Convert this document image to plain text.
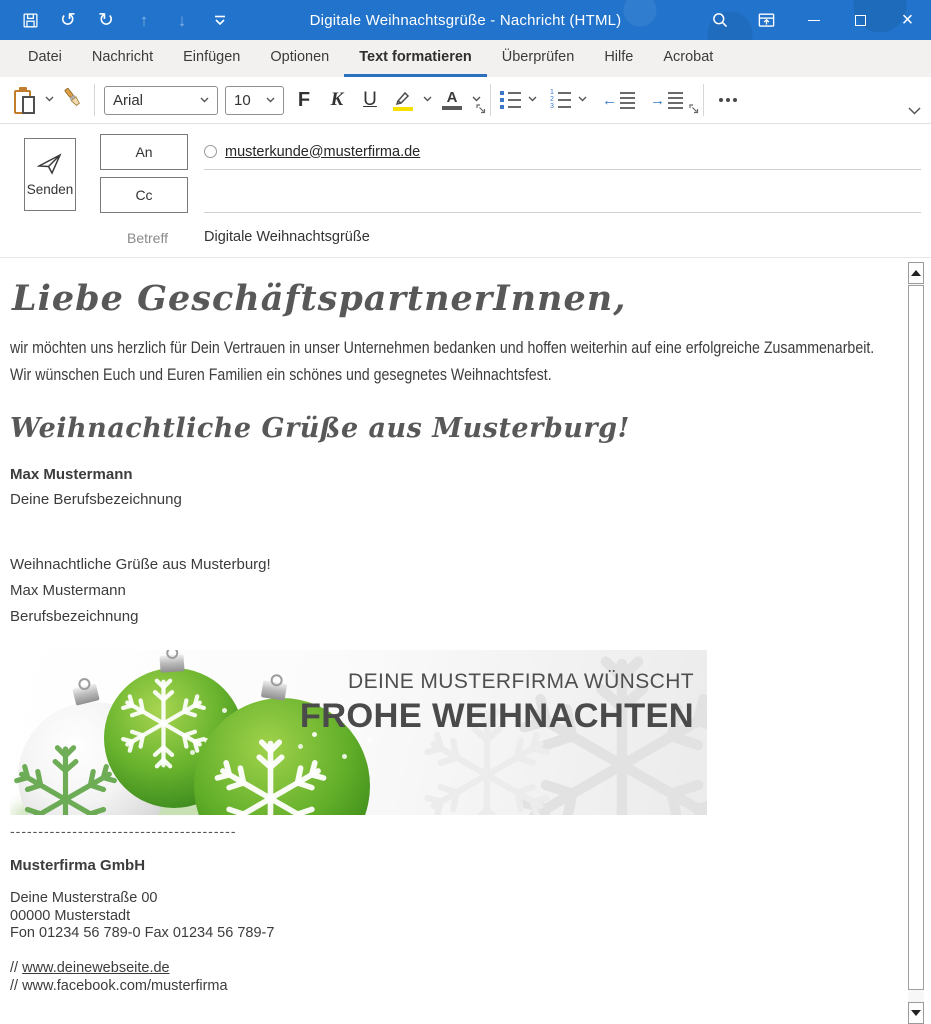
↺ ↻	↑	↓	Digitale Weihnachtsgrüße - Nachricht (HTML)	×
Datei	Nachricht	Einfügen	Optionen	Text formatieren	Überprüfen	Hilfe	Acrobat
Arial	10	F	K	U	A	1
2
3	← →
Senden
An
Cc
musterkunde@musterfirma.de
Betreff Digitale Weihnachtsgrüße
Liebe GeschäftspartnerInnen,
wir möchten uns herzlich für Dein Vertrauen in unser Unternehmen bedanken und hoffen weiterhin auf eine erfolgreiche Zusammenarbeit.
Wir wünschen Euch und Euren Familien ein schönes und gesegnetes Weihnachtsfest.
Weihnachtliche Grüße aus Musterburg!
Max Mustermann
Deine Berufsbezeichnung
Weihnachtliche Grüße aus Musterburg!
Max Mustermann
Berufsbezeichnung
DEINE MUSTERFIRMA WÜNSCHT
FROHE WEIHNACHTEN
----------------------------------------
Musterfirma GmbH
Deine Musterstraße 00
00000 Musterstadt
Fon 01234 56 789-0 Fax 01234 56 789-7
// www.deinewebseite.de
// www.facebook.com/musterfirma
